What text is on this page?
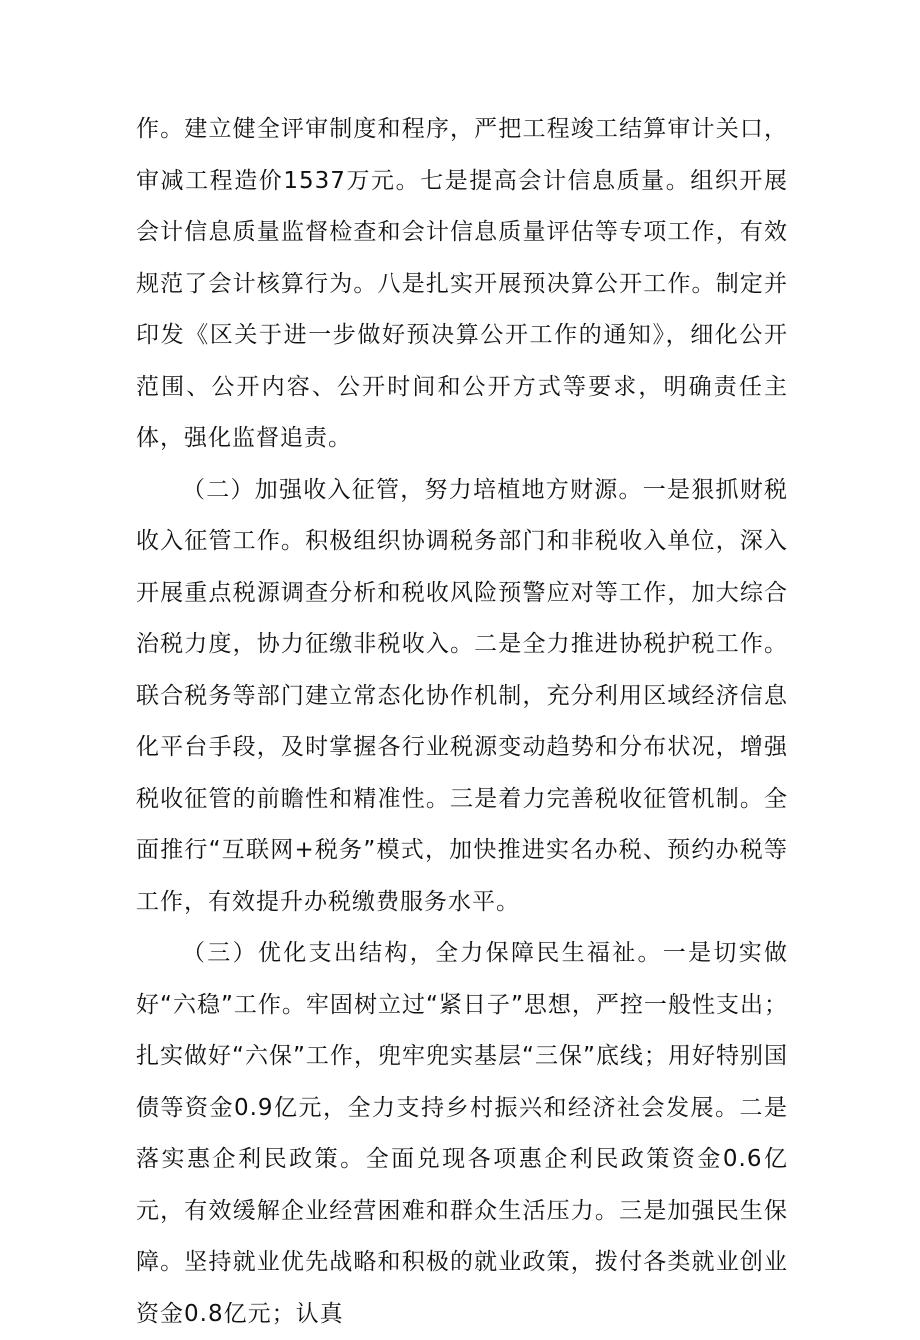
作。建立健全评审制度和程序，严把工程竣工结算审计关口，审减工程造价1537万元。七是提高会计信息质量。组织开展会计信息质量监督检查和会计信息质量评估等专项工作，有效规范了会计核算行为。八是扎实开展预决算公开工作。制定并印发《区关于进一步做好预决算公开工作的通知》，细化公开范围、公开内容、公开时间和公开方式等要求，明确责任主体，强化监督追责。

（二）加强收入征管，努力培植地方财源。一是狠抓财税收入征管工作。积极组织协调税务部门和非税收入单位，深入开展重点税源调查分析和税收风险预警应对等工作，加大综合治税力度，协力征缴非税收入。二是全力推进协税护税工作。联合税务等部门建立常态化协作机制，充分利用区域经济信息化平台手段，及时掌握各行业税源变动趋势和分布状况，增强税收征管的前瞻性和精准性。三是着力完善税收征管机制。全面推行“互联网+税务”模式，加快推进实名办税、预约办税等工作，有效提升办税缴费服务水平。

（三）优化支出结构，全力保障民生福祉。一是切实做好“六稳”工作。牢固树立过“紧日子”思想，严控一般性支出；扎实做好“六保”工作，兜牢兜实基层“三保”底线；用好特别国债等资金0.9亿元，全力支持乡村振兴和经济社会发展。二是落实惠企利民政策。全面兑现各项惠企利民政策资金0.6亿元，有效缓解企业经营困难和群众生活压力。三是加强民生保障。坚持就业优先战略和积极的就业政策，拨付各类就业创业资金0.8亿元；认真
